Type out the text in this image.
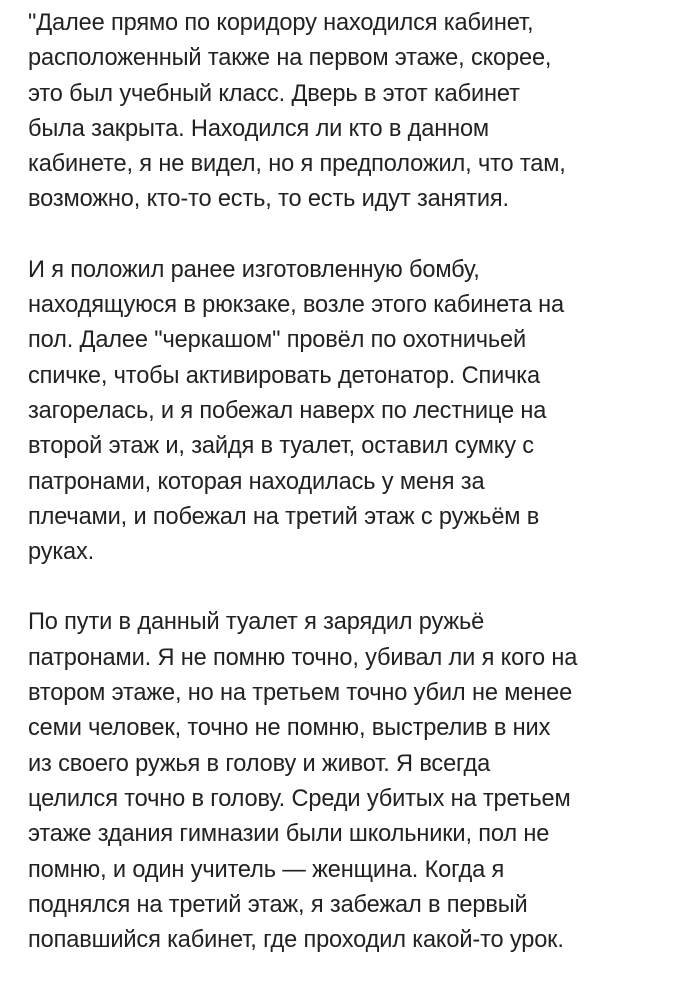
"Далее прямо по коридору находился кабинет,
расположенный также на первом этаже, скорее,
это был учебный класс. Дверь в этот кабинет
была закрыта. Находился ли кто в данном
кабинете, я не видел, но я предположил, что там,
возможно, кто-то есть, то есть идут занятия.

И я положил ранее изготовленную бомбу,
находящуюся в рюкзаке, возле этого кабинета на
пол. Далее "черкашом" провёл по охотничьей
спичке, чтобы активировать детонатор. Спичка
загорелась, и я побежал наверх по лестнице на
второй этаж и, зайдя в туалет, оставил сумку с
патронами, которая находилась у меня за
плечами, и побежал на третий этаж с ружьём в
руках.

По пути в данный туалет я зарядил ружьё
патронами. Я не помню точно, убивал ли я кого на
втором этаже, но на третьем точно убил не менее
семи человек, точно не помню, выстрелив в них
из своего ружья в голову и живот. Я всегда
целился точно в голову. Среди убитых на третьем
этаже здания гимназии были школьники, пол не
помню, и один учитель — женщина. Когда я
поднялся на третий этаж, я забежал в первый
попавшийся кабинет, где проходил какой-то урок.
